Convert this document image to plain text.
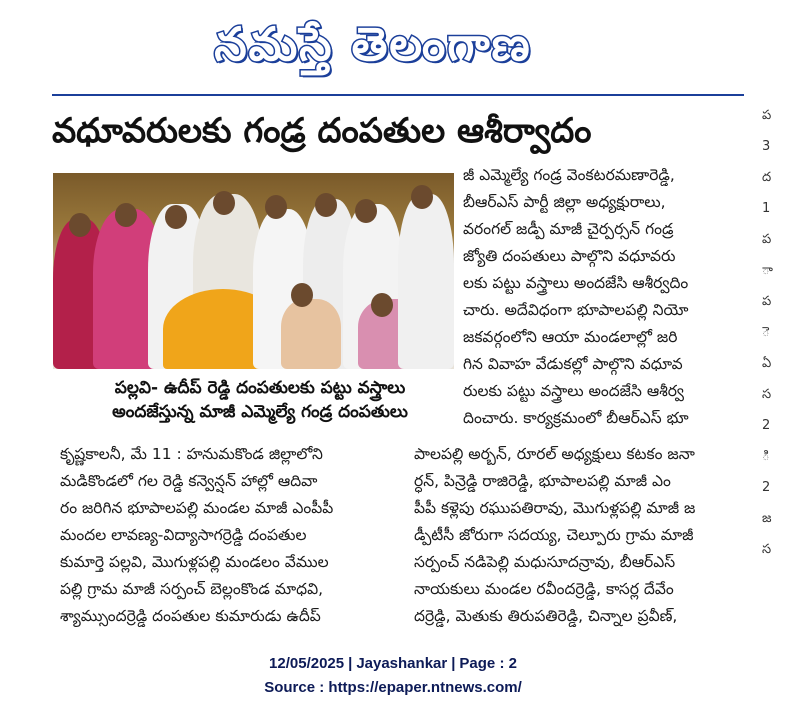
నమస్తే తెలంగాణ
వధూవరులకు గండ్ర దంపతుల ఆశీర్వాదం
పల్లవి- ఉదీప్ రెడ్డి దంపతులకు పట్టు వస్త్రాలు
అందజేస్తున్న మాజీ ఎమ్మెల్యే గండ్ర దంపతులు

జీ ఎమ్మెల్యే గండ్ర వెంకటరమణారెడ్డి,

బీఆర్ఎస్ పార్టీ జిల్లా అధ్యక్షురాలు,

వరంగల్ జడ్పీ మాజీ చైర్పర్సన్ గండ్ర

జ్యోతి దంపతులు పాల్గొని వధూవరు

లకు పట్టు వస్త్రాలు అందజేసి ఆశీర్వదిం

చారు. అదేవిధంగా భూపాలపల్లి నియో

జకవర్గంలోని ఆయా మండలాల్లో జరి

గిన వివాహ వేడుకల్లో పాల్గొని వధూవ

రులకు పట్టు వస్త్రాలు అందజేసి ఆశీర్వ

దించారు. కార్యక్రమంలో బీఆర్ఎస్ భూ

కృష్ణకాలనీ, మే 11 : హనుమకొండ జిల్లాలోని

మడికొండలో గల రెడ్డి కన్వెన్షన్ హాల్లో ఆదివా

రం జరిగిన భూపాలపల్లి మండల మాజీ ఎంపీపీ

మందల లావణ్య-విద్యాసాగర్రెడ్డి దంపతుల

కుమార్తె పల్లవి, మొగుళ్లపల్లి మండలం వేముల

పల్లి గ్రామ మాజీ సర్పంచ్ బెల్లంకొండ మాధవి,

శ్యామ్సుందర్రెడ్డి దంపతుల కుమారుడు ఉదీప్

పాలపల్లి అర్బన్, రూరల్ అధ్యక్షులు కటకం జనా

ర్ధన్, పిన్రెడ్డి రాజిరెడ్డి, భూపాలపల్లి మాజీ ఎం

పీపీ కళ్లెపు రఘుపతిరావు, మొగుళ్లపల్లి మాజీ జ

డ్పీటీసీ జోరుగా సదయ్య, చెల్పూరు గ్రామ మాజీ

సర్పంచ్ నడిపెల్లి మధుసూదన్రావు, బీఆర్ఎస్

నాయకులు మండల రవీందర్రెడ్డి, కాసర్ల దేవేం

దర్రెడ్డి, మెతుకు తిరుపతిరెడ్డి, చిన్నాల ప్రవీణ్,

ప
3
ద
1
ప
ా
ప
ె
ఏ
స
2
ి
2
జ
స
12/05/2025 | Jayashankar | Page : 2
Source : https://epaper.ntnews.com/
